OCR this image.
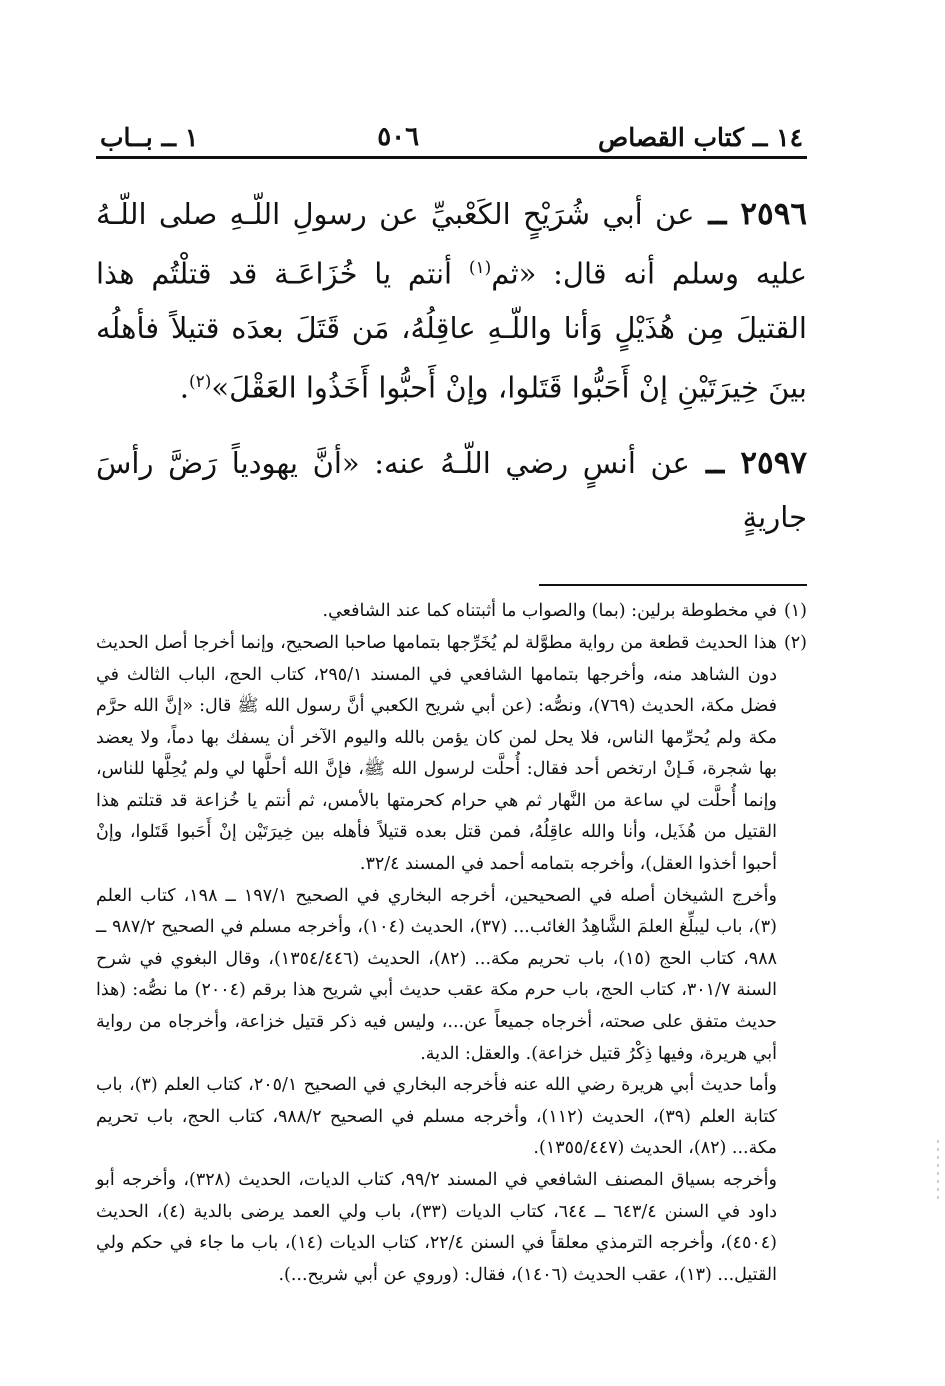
١٤ ــ كتاب القصاص
٥٠٦
١ ــ بــاب

٢٥٩٦ ــ عن أبي شُرَيْحٍ الكَعْبيِّ عن رسولِ اللّـهِ صلى اللّـهُ عليه وسلم أنه قال: «ثم$^{(١)}$ أنتم يا خُزَاعَـة قد قتلْتُم هذا القتيلَ مِن هُذَيْلٍ وَأنا واللّـهِ عاقِلُهُ، مَن قَتَلَ بعدَه قتيلاً فأهلُه بينَ خِيرَتَيْنِ إنْ أَحَبُّوا قَتَلوا، وإنْ أَحبُّوا أَخَذُوا العَقْلَ»$^{(٢)}$.

٢٥٩٧ ــ عن أنسٍ رضي اللّـهُ عنه: «أنَّ يهودياً رَضَّ رأسَ جاريةٍ

(١)

في مخطوطة برلين: (بما) والصواب ما أثبتناه كما عند الشافعي.

(٢)

هذا الحديث قطعة من رواية مطوَّلة لم يُخَرِّجها بتمامها صاحبا الصحيح، وإنما أخرجا أصل الحديث دون الشاهد منه، وأخرجها بتمامها الشافعي في المسند ٢٩٥/١، كتاب الحج، الباب الثالث في فضل مكة، الحديث (٧٦٩)، ونصُّه: (عن أبي شريح الكعبي أنَّ رسول الله ﷺ قال: «إنَّ الله حرَّم مكة ولم يُحرِّمها الناس، فلا يحل لمن كان يؤمن بالله واليوم الآخر أن يسفك بها دماً، ولا يعضد بها شجرة، فَـإنْ ارتخص أحد فقال: أُحلَّت لرسول الله ﷺ، فإنَّ الله أحلَّها لي ولم يُحِلَّها للناس، وإنما أُحلَّت لي ساعة من النَّهار ثم هي حرام كحرمتها بالأمس، ثم أنتم يا خُزاعة قد قتلتم هذا القتيل من هُذَيل، وأنا والله عاقِلُهُ، فمن قتل بعده قتيلاً فأهله بين خِيرَتَيْن إنْ أَحَبوا قَتَلوا، وإنْ أحبوا أخذوا العقل)، وأخرجه بتمامه أحمد في المسند ٣٢/٤.

وأخرج الشيخان أصله في الصحيحين، أخرجه البخاري في الصحيح ١٩٧/١ ــ ١٩٨، كتاب العلم (٣)، باب ليبلِّغ العلمَ الشَّاهِدُ الغائب... (٣٧)، الحديث (١٠٤)، وأخرجه مسلم في الصحيح ٩٨٧/٢ ــ ٩٨٨، كتاب الحج (١٥)، باب تحريم مكة... (٨٢)، الحديث (١٣٥٤/٤٤٦)، وقال البغوي في شرح السنة ٣٠١/٧، كتاب الحج، باب حرم مكة عقب حديث أبي شريح هذا برقم (٢٠٠٤) ما نصُّه: (هذا حديث متفق على صحته، أخرجاه جميعاً عن...، وليس فيه ذكر قتيل خزاعة، وأخرجاه من رواية أبي هريرة، وفيها ذِكْرُ قتيل خزاعة). والعقل: الدية.

وأما حديث أبي هريرة رضي الله عنه فأخرجه البخاري في الصحيح ٢٠٥/١، كتاب العلم (٣)، باب كتابة العلم (٣٩)، الحديث (١١٢)، وأخرجه مسلم في الصحيح ٩٨٨/٢، كتاب الحج، باب تحريم مكة... (٨٢)، الحديث (١٣٥٥/٤٤٧).

وأخرجه بسياق المصنف الشافعي في المسند ٩٩/٢، كتاب الديات، الحديث (٣٢٨)، وأخرجه أبو داود في السنن ٦٤٣/٤ ــ ٦٤٤، كتاب الديات (٣٣)، باب ولي العمد يرضى بالدية (٤)، الحديث (٤٥٠٤)، وأخرجه الترمذي معلقاً في السنن ٢٢/٤، كتاب الديات (١٤)، باب ما جاء في حكم ولي القتيل... (١٣)، عقب الحديث (١٤٠٦)، فقال: (وروي عن أبي شريح...).
